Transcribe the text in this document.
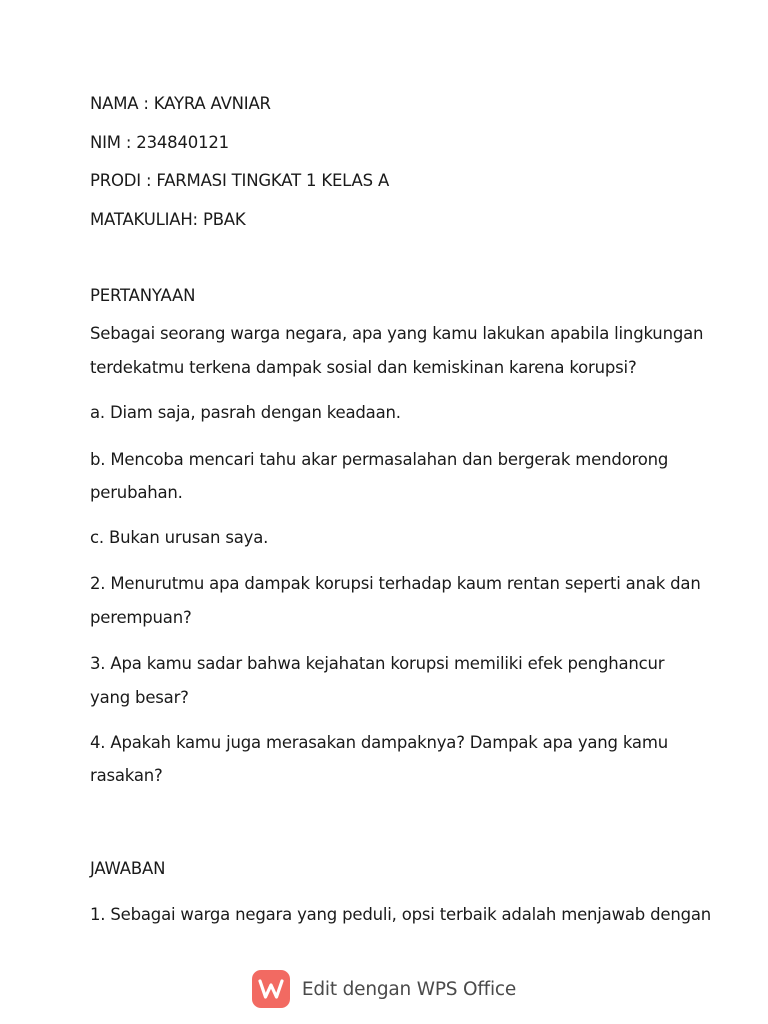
NAMA : KAYRA AVNIAR
NIM : 234840121
PRODI : FARMASI TINGKAT 1 KELAS A
MATAKULIAH: PBAK
PERTANYAAN
Sebagai seorang warga negara, apa yang kamu lakukan apabila lingkungan
terdekatmu terkena dampak sosial dan kemiskinan karena korupsi?
a. Diam saja, pasrah dengan keadaan.
b. Mencoba mencari tahu akar permasalahan dan bergerak mendorong
perubahan.
c. Bukan urusan saya.
2. Menurutmu apa dampak korupsi terhadap kaum rentan seperti anak dan
perempuan?
3. Apa kamu sadar bahwa kejahatan korupsi memiliki efek penghancur
yang besar?
4. Apakah kamu juga merasakan dampaknya? Dampak apa yang kamu
rasakan?
JAWABAN
1. Sebagai warga negara yang peduli, opsi terbaik adalah menjawab dengan
Edit dengan WPS Office
